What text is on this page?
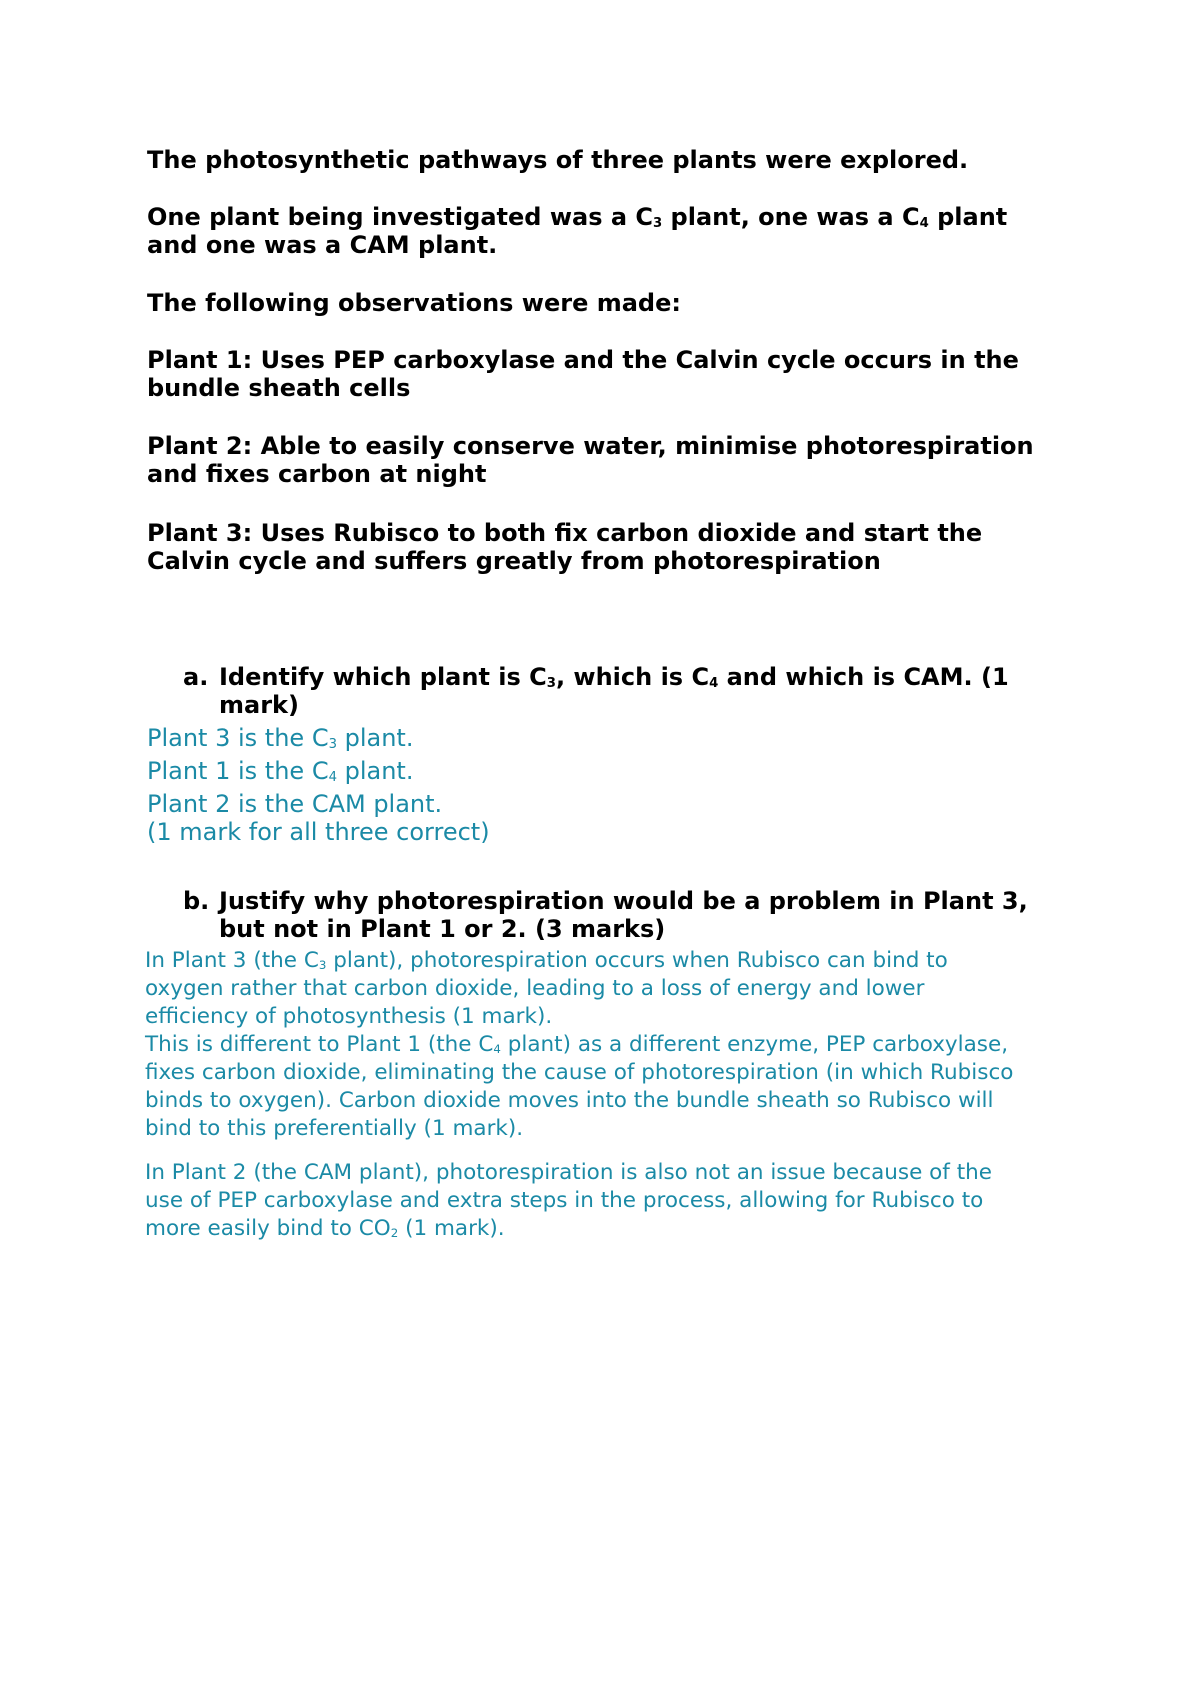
The photosynthetic pathways of three plants were explored.

One plant being investigated was a C3 plant, one was a C4 plant

and one was a CAM plant.

The following observations were made:

Plant 1: Uses PEP carboxylase and the Calvin cycle occurs in the

bundle sheath cells

Plant 2: Able to easily conserve water, minimise photorespiration

and fixes carbon at night

Plant 3: Uses Rubisco to both fix carbon dioxide and start the

Calvin cycle and suffers greatly from photorespiration

a. Identify which plant is C3, which is C4 and which is CAM. (1

mark)

Plant 3 is the C3 plant.

Plant 1 is the C4 plant.

Plant 2 is the CAM plant.

(1 mark for all three correct)

b. Justify why photorespiration would be a problem in Plant 3,

but not in Plant 1 or 2. (3 marks)

In Plant 3 (the C3 plant), photorespiration occurs when Rubisco can bind to

oxygen rather that carbon dioxide, leading to a loss of energy and lower

efficiency of photosynthesis (1 mark).

This is different to Plant 1 (the C4 plant) as a different enzyme, PEP carboxylase,

fixes carbon dioxide, eliminating the cause of photorespiration (in which Rubisco

binds to oxygen). Carbon dioxide moves into the bundle sheath so Rubisco will

bind to this preferentially (1 mark).

In Plant 2 (the CAM plant), photorespiration is also not an issue because of the

use of PEP carboxylase and extra steps in the process, allowing for Rubisco to

more easily bind to CO2 (1 mark).
